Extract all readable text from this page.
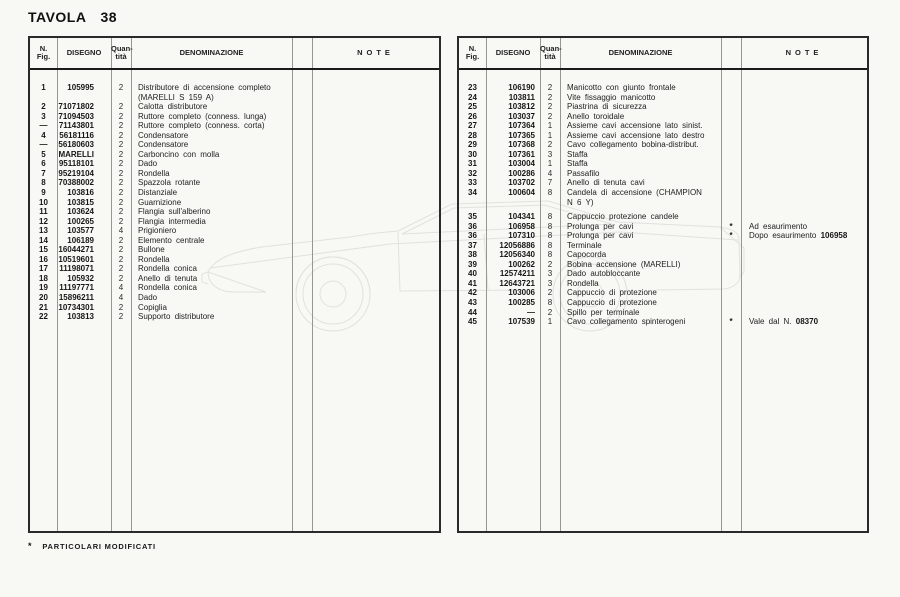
TAVOLA 38
N.
Fig.	DISEGNO	Quan-
tità	DENOMINAZIONE	NOTE
1	105995	2	Distributore di accensione completo
(MARELLI S 159 A)
2	71071802	2	Calotta distributore
3	71094503	2	Ruttore completo (conness. lunga)
—	71143801	2	Ruttore completo (conness. corta)
4	56181116	2	Condensatore
—	56180603	2	Condensatore
5	MARELLI	2	Carboncino con molla
6	95118101	2	Dado
7	95219104	2	Rondella
8	70388002	2	Spazzola rotante
9	103816	2	Distanziale
10	103815	2	Guarnizione
11	103624	2	Flangia sull'alberino
12	100265	2	Flangia intermedia
13	103577	4	Prigioniero
14	106189	2	Elemento centrale
15	16044271	2	Bullone
16	10519601	2	Rondella
17	11198071	2	Rondella conica
18	105932	2	Anello di tenuta
19	11197771	4	Rondella conica
20	15896211	4	Dado
21	10734301	2	Copiglia
22	103813	2	Supporto distributore
N.
Fig.	DISEGNO	Quan-
tità	DENOMINAZIONE	NOTE
23	106190	2	Manicotto con giunto frontale
24	103811	2	Vite fissaggio manicotto
25	103812	2	Piastrina di sicurezza
26	103037	2	Anello toroidale
27	107364	1	Assieme cavi accensione lato sinist.
28	107365	1	Assieme cavi accensione lato destro
29	107368	2	Cavo collegamento bobina-distribut.
30	107361	3	Staffa
31	103004	1	Staffa
32	100286	4	Passafilo
33	103702	7	Anello di tenuta cavi
34	100604	8	Candela di accensione (CHAMPION
N 6 Y)
35	104341	8	Cappuccio protezione candele
36	106958	8	Prolunga per cavi	*	Ad esaurimento
36	107310	8	Prolunga per cavi	*	Dopo esaurimento 106958
37	12056886	8	Terminale
38	12056340	8	Capocorda
39	100262	2	Bobina accensione (MARELLI)
40	12574211	3	Dado autobloccante
41	12643721	3	Rondella
42	103006	2	Cappuccio di protezione
43	100285	8	Cappuccio di protezione
44	—	2	Spillo per terminale
45	107539	1	Cavo collegamento spinterogeni	*	Vale dal N. 08370
* PARTICOLARI MODIFICATI
